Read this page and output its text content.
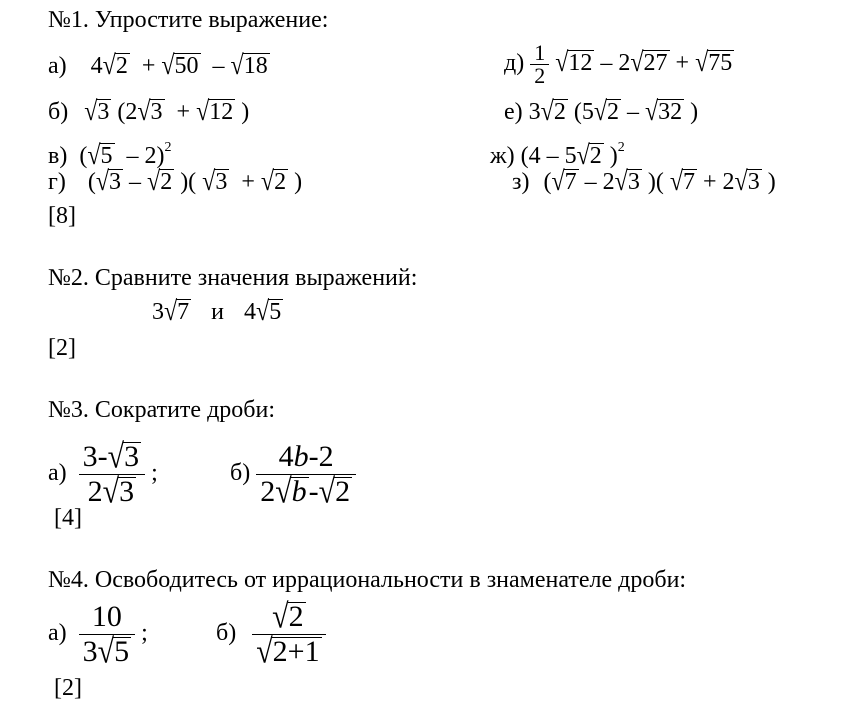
№1. Упростите выражение:
а) 4√2  + √50  – √18	$д) \frac{1}{2} √12 - 2√27 + √75$
б) √3 (2√3  + √12 )	е) 3√2 (5√2 – √32 )
в) (√5  – 2)$^2$	ж) (4 – 5√2 )$^2$
г) (√3 – √2 )( √3  + √2 )	з) (√7 – 2√3 )( √7 + 2√3 )
[8]
№2. Сравните значения выражений:
3√7 и 4√5
[2]
№3. Сократите дроби:
$а) \frac{3-√3}{2√3}$ ;	$б) \frac{4b-2}{2√b-√2}$
[4]
№4. Освободитесь от иррациональности в знаменателе дроби:
$а) \frac{10}{3√5}$ ;	$б) \frac{√2}{√2+1}$
[2]
